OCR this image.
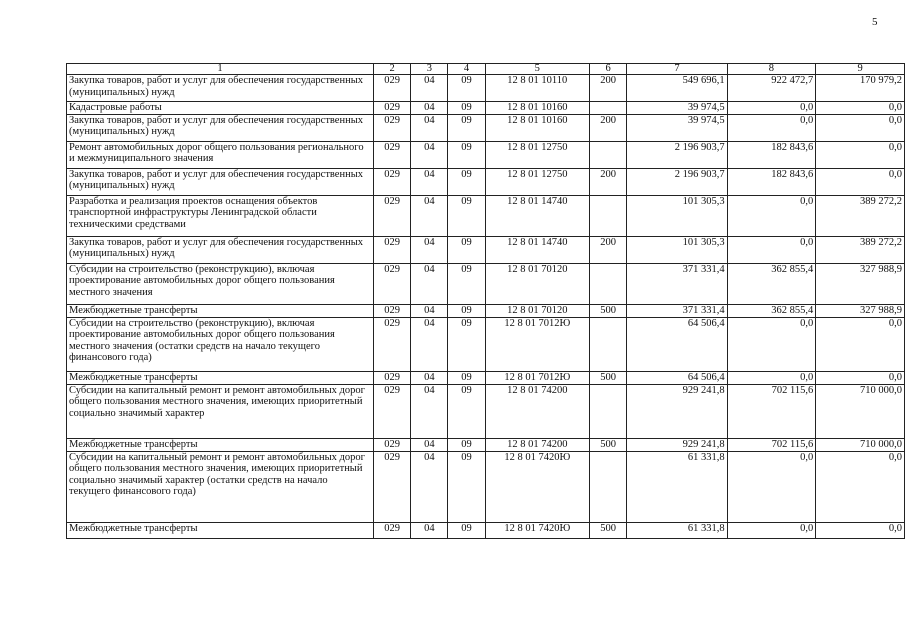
5
1	2	3	4	5	6	7	8	9
Закупка товаров, работ и услуг для обеспечения государственных (муниципальных) нужд	029	04	09	12 8 01 10110	200	549 696,1	922 472,7	170 979,2
Кадастровые работы	029	04	09	12 8 01 10160		39 974,5	0,0	0,0
Закупка товаров, работ и услуг для обеспечения государственных (муниципальных) нужд	029	04	09	12 8 01 10160	200	39 974,5	0,0	0,0
Ремонт автомобильных дорог общего пользования регионального и межмуниципального значения	029	04	09	12 8 01 12750		2 196 903,7	182 843,6	0,0
Закупка товаров, работ и услуг для обеспечения государственных (муниципальных) нужд	029	04	09	12 8 01 12750	200	2 196 903,7	182 843,6	0,0
Разработка и реализация проектов оснащения объектов транспортной инфраструктуры Ленинградской области техническими средствами	029	04	09	12 8 01 14740		101 305,3	0,0	389 272,2
Закупка товаров, работ и услуг для обеспечения государственных (муниципальных) нужд	029	04	09	12 8 01 14740	200	101 305,3	0,0	389 272,2
Субсидии на строительство (реконструкцию), включая проектирование автомобильных дорог общего пользования местного значения	029	04	09	12 8 01 70120		371 331,4	362 855,4	327 988,9
Межбюджетные трансферты	029	04	09	12 8 01 70120	500	371 331,4	362 855,4	327 988,9
Субсидии на строительство (реконструкцию), включая проектирование автомобильных дорог общего пользования местного значения (остатки средств на начало текущего финансового года)	029	04	09	12 8 01 7012Ю		64 506,4	0,0	0,0
Межбюджетные трансферты	029	04	09	12 8 01 7012Ю	500	64 506,4	0,0	0,0
Субсидии на капитальный ремонт и ремонт автомобильных дорог общего пользования местного значения, имеющих приоритетный социально значимый характер	029	04	09	12 8 01 74200		929 241,8	702 115,6	710 000,0
Межбюджетные трансферты	029	04	09	12 8 01 74200	500	929 241,8	702 115,6	710 000,0
Субсидии на капитальный ремонт и ремонт автомобильных дорог общего пользования местного значения, имеющих приоритетный социально значимый характер (остатки средств на начало текущего финансового года)	029	04	09	12 8 01 7420Ю		61 331,8	0,0	0,0
Межбюджетные трансферты	029	04	09	12 8 01 7420Ю	500	61 331,8	0,0	0,0
